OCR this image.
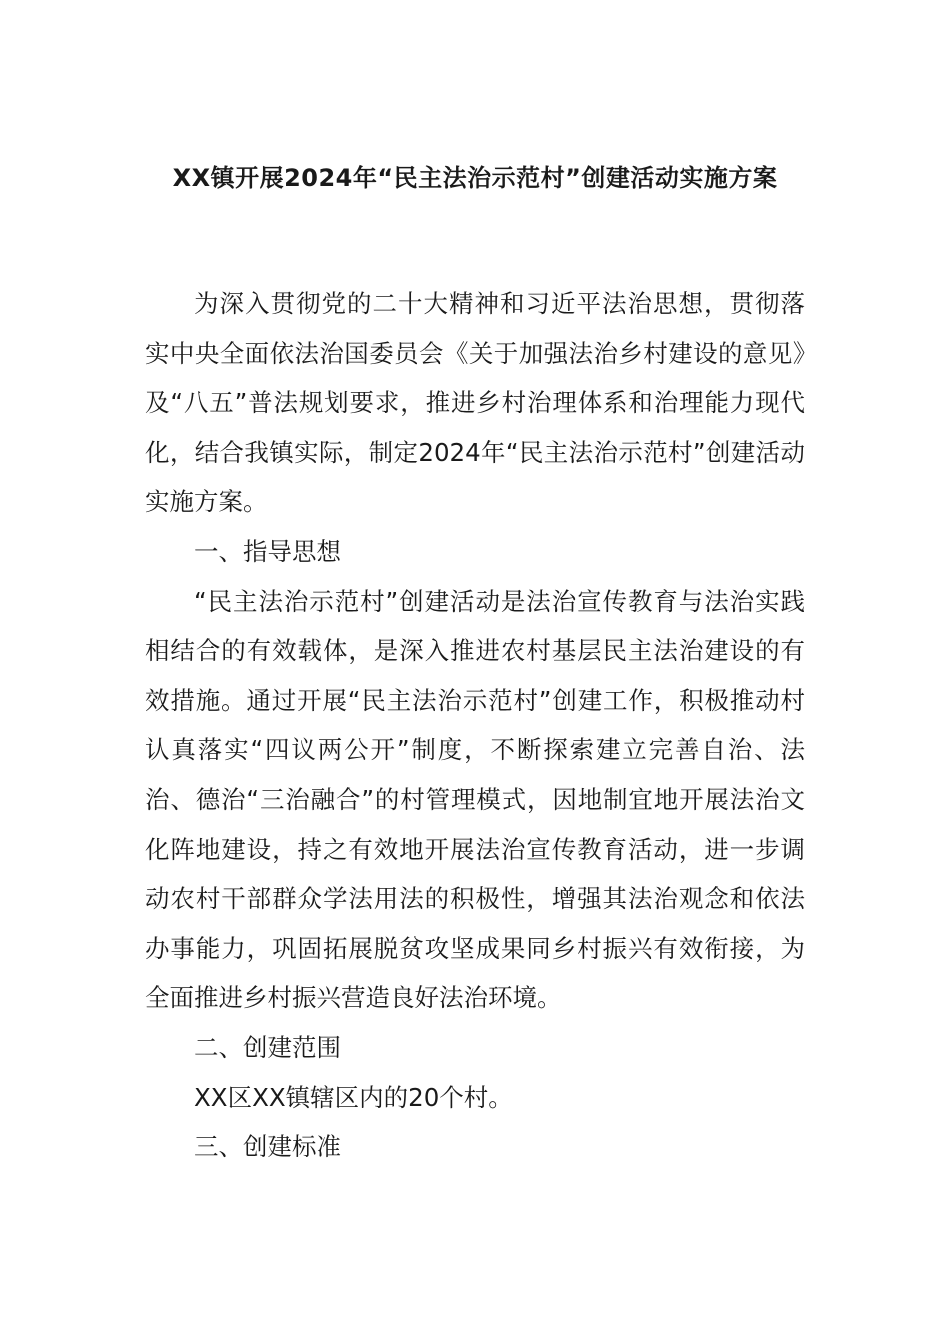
XX镇开展2024年“民主法治示范村”创建活动实施方案

为深入贯彻党的二十大精神和习近平法治思想，贯彻落实中央全面依法治国委员会《关于加强法治乡村建设的意见》及“八五”普法规划要求，推进乡村治理体系和治理能力现代化，结合我镇实际，制定2024年“民主法治示范村”创建活动实施方案。

一、指导思想

“民主法治示范村”创建活动是法治宣传教育与法治实践相结合的有效载体，是深入推进农村基层民主法治建设的有效措施。通过开展“民主法治示范村”创建工作，积极推动村认真落实“四议两公开”制度，不断探索建立完善自治、法治、德治“三治融合”的村管理模式，因地制宜地开展法治文化阵地建设，持之有效地开展法治宣传教育活动，进一步调动农村干部群众学法用法的积极性，增强其法治观念和依法办事能力，巩固拓展脱贫攻坚成果同乡村振兴有效衔接，为全面推进乡村振兴营造良好法治环境。

二、创建范围

XX区XX镇辖区内的20个村。

三、创建标准
